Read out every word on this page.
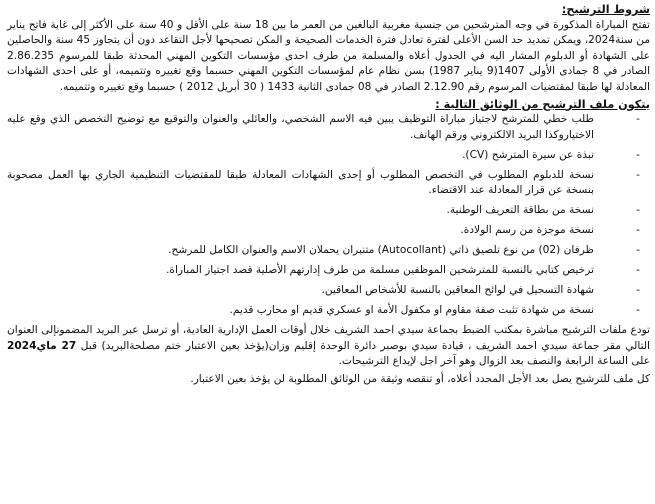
شروط الترشيح:

تفتح المباراة المذكورة في وجه المترشحين من جنسية مغربية البالغين من العمر ما بين 18 سنة على الأقل و 40 سنة على الأكثر إلى غاية فاتح يناير من سنة2024، ويمكن تمديد حد السن الأعلى لفترة تعادل فترة الخدمات الصحيحة و المكن تصحيحها لأجل التقاعد دون أن يتجاوز 45 سنة والحاصلين على الشهادة أو الدبلوم المشار اليه في الجدول أعلاه والمسلمة من طرف احدى مؤسسات التكوين المهني المحدثة طبقا للمرسوم 2.86.235 الصادر في 8 جمادى الأولى 1407(9 يناير 1987) بسن نظام عام لمؤسسات التكوين المهني حسبما وقع تغييره وتتميمه، أو على احدى الشهادات المعادلة لها طبقا لمقتضيات المرسوم رقم 2.12.90 الصادر في 08 جمادى الثانية 1433 ( 30 أبريل 2012 ) حسبما وقع تغييره وتتميمه.

يتكون ملف الترشيح من الوثائق التالية :

- طلب خطي للمترشح لاجتياز مباراة التوظيف يبين فيه الاسم الشخصي، والعائلي والعنوان والتوقيع مع توضيح التخصص الذي وقع عليه الاختياروكذا البريد الالكتروني ورقم الهاتف.
- نبذة عن سيرة المترشح (CV).
- نسخة للدبلوم المطلوب في التخصص المطلوب أو إحدى الشهادات المعادلة طبقا للمقتضيات التنظيمية الجاري بها العمل مصحوبة بنسخة عن قرار المعادلة عند الاقتضاء.
- نسخة من بطاقة التعريف الوطنية.
- نسخة موجزة من رسم الولادة.
- ظرفان (02) من نوع تلصيق ذاتي (Autocollant) متنبران يحملان الاسم والعنوان الكامل للمرشح.
- ترخيص كتابي بالنسبة للمترشحين الموظفين مسلمة من طرف إدارتهم الأصلية قصد اجتياز المباراة.
- شهادة التسجيل في لوائح المعاقين بالنسبة للأشخاص المعاقين.
- نسخة من شهادة تثبت صفة مقاوم او مكفول الأمة او عسكري قديم او محارب قديم.

تودع ملفات الترشيح مباشرة بمكتب الضبط بجماعة سيدي احمد الشريف خلال أوقات العمل الإدارية العادية، أو ترسل عبر البريد المضمونإلى العنوان التالي مقر جماعة سيدي احمد الشريف ، قيادة سيدي بوصبر دائرة الوحدة إقليم وزان(يؤخذ بعين الاعتبار ختم مصلحةالبريد) قبل 27 ماي2024 على الساعة الرابعة والنصف بعد الزوال وهو آخر اجل لإيداع الترشيحات.

كل ملف للترشيح يصل بعد الأجل المحدد أعلاه، أو تنقصه وثيقة من الوثائق المطلوبة لن يؤخذ بعين الاعتبار.
